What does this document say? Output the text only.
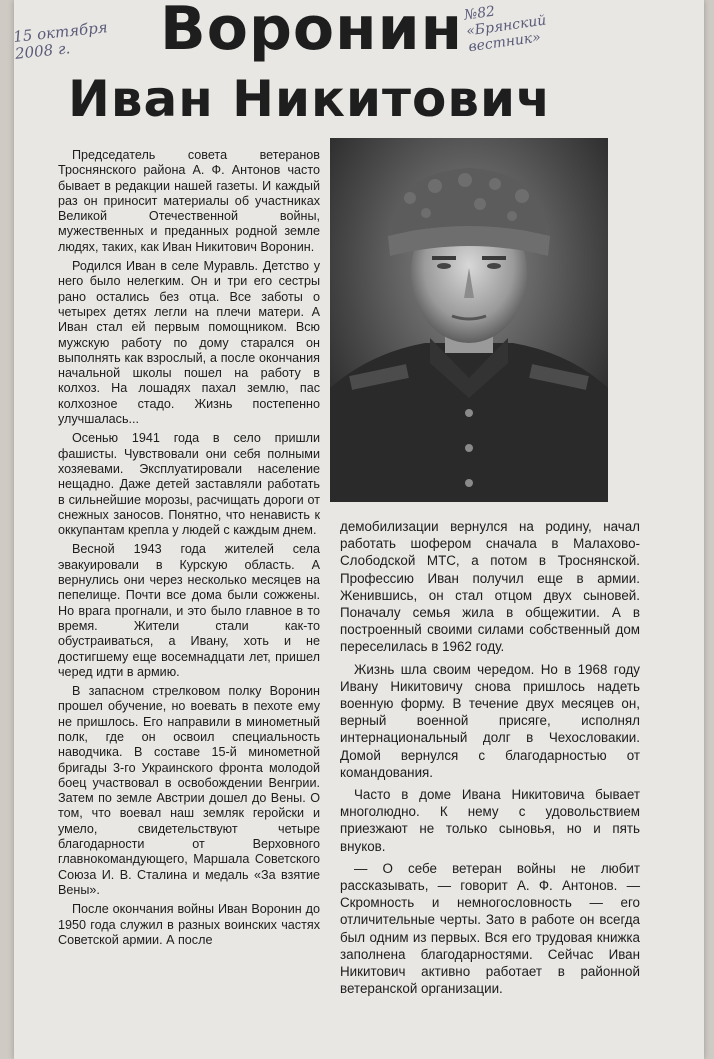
15 октября
2008 г.
№82
«Брянский
вестник»
Воронин
Иван Никитович

Председатель совета ветеранов Троснянского района А. Ф. Антонов часто бывает в редакции нашей газеты. И каждый раз он приносит материалы об участниках Великой Отечественной войны, мужественных и преданных родной земле людях, таких, как Иван Никитович Воронин.

Родился Иван в селе Муравль. Детство у него было нелегким. Он и три его сестры рано остались без отца. Все заботы о четырех детях легли на плечи матери. А Иван стал ей первым помощником. Всю мужскую работу по дому старался он выполнять как взрослый, а после окончания начальной школы пошел на работу в колхоз. На лошадях пахал землю, пас колхозное стадо. Жизнь постепенно улучшалась...

Осенью 1941 года в село пришли фашисты. Чувствовали они себя полными хозяевами. Эксплуатировали население нещадно. Даже детей заставляли работать в сильнейшие морозы, расчищать дороги от снежных заносов. Понятно, что ненависть к оккупантам крепла у людей с каждым днем.

Весной 1943 года жителей села эвакуировали в Курскую область. А вернулись они через несколько месяцев на пепелище. Почти все дома были сожжены. Но врага прогнали, и это было главное в то время. Жители стали как-то обустраиваться, а Ивану, хоть и не достигшему еще восемнадцати лет, пришел черед идти в армию.

В запасном стрелковом полку Воронин прошел обучение, но воевать в пехоте ему не пришлось. Его направили в минометный полк, где он освоил специальность наводчика. В составе 15-й минометной бригады 3-го Украинского фронта молодой боец участвовал в освобождении Венгрии. Затем по земле Австрии дошел до Вены. О том, что воевал наш земляк геройски и умело, свидетельствуют четыре благодарности от Верховного главнокомандующего, Маршала Советского Союза И. В. Сталина и медаль «За взятие Вены».

После окончания войны Иван Воронин до 1950 года служил в разных воинских частях Советской армии. А после

демобилизации вернулся на родину, начал работать шофером сначала в Малахово-Слободской МТС, а потом в Троснянской. Профессию Иван получил еще в армии. Женившись, он стал отцом двух сыновей. Поначалу семья жила в общежитии. А в построенный своими силами собственный дом переселилась в 1962 году.

Жизнь шла своим чередом. Но в 1968 году Ивану Никитовичу снова пришлось надеть военную форму. В течение двух месяцев он, верный военной присяге, исполнял интернациональный долг в Чехословакии. Домой вернулся с благодарностью от командования.

Часто в доме Ивана Никитовича бывает многолюдно. К нему с удовольствием приезжают не только сыновья, но и пять внуков.

— О себе ветеран войны не любит рассказывать, — говорит А. Ф. Антонов. — Скромность и немногословность — его отличительные черты. Зато в работе он всегда был одним из первых. Вся его трудовая книжка заполнена благодарностями. Сейчас Иван Никитович активно работает в районной ветеранской организации.
